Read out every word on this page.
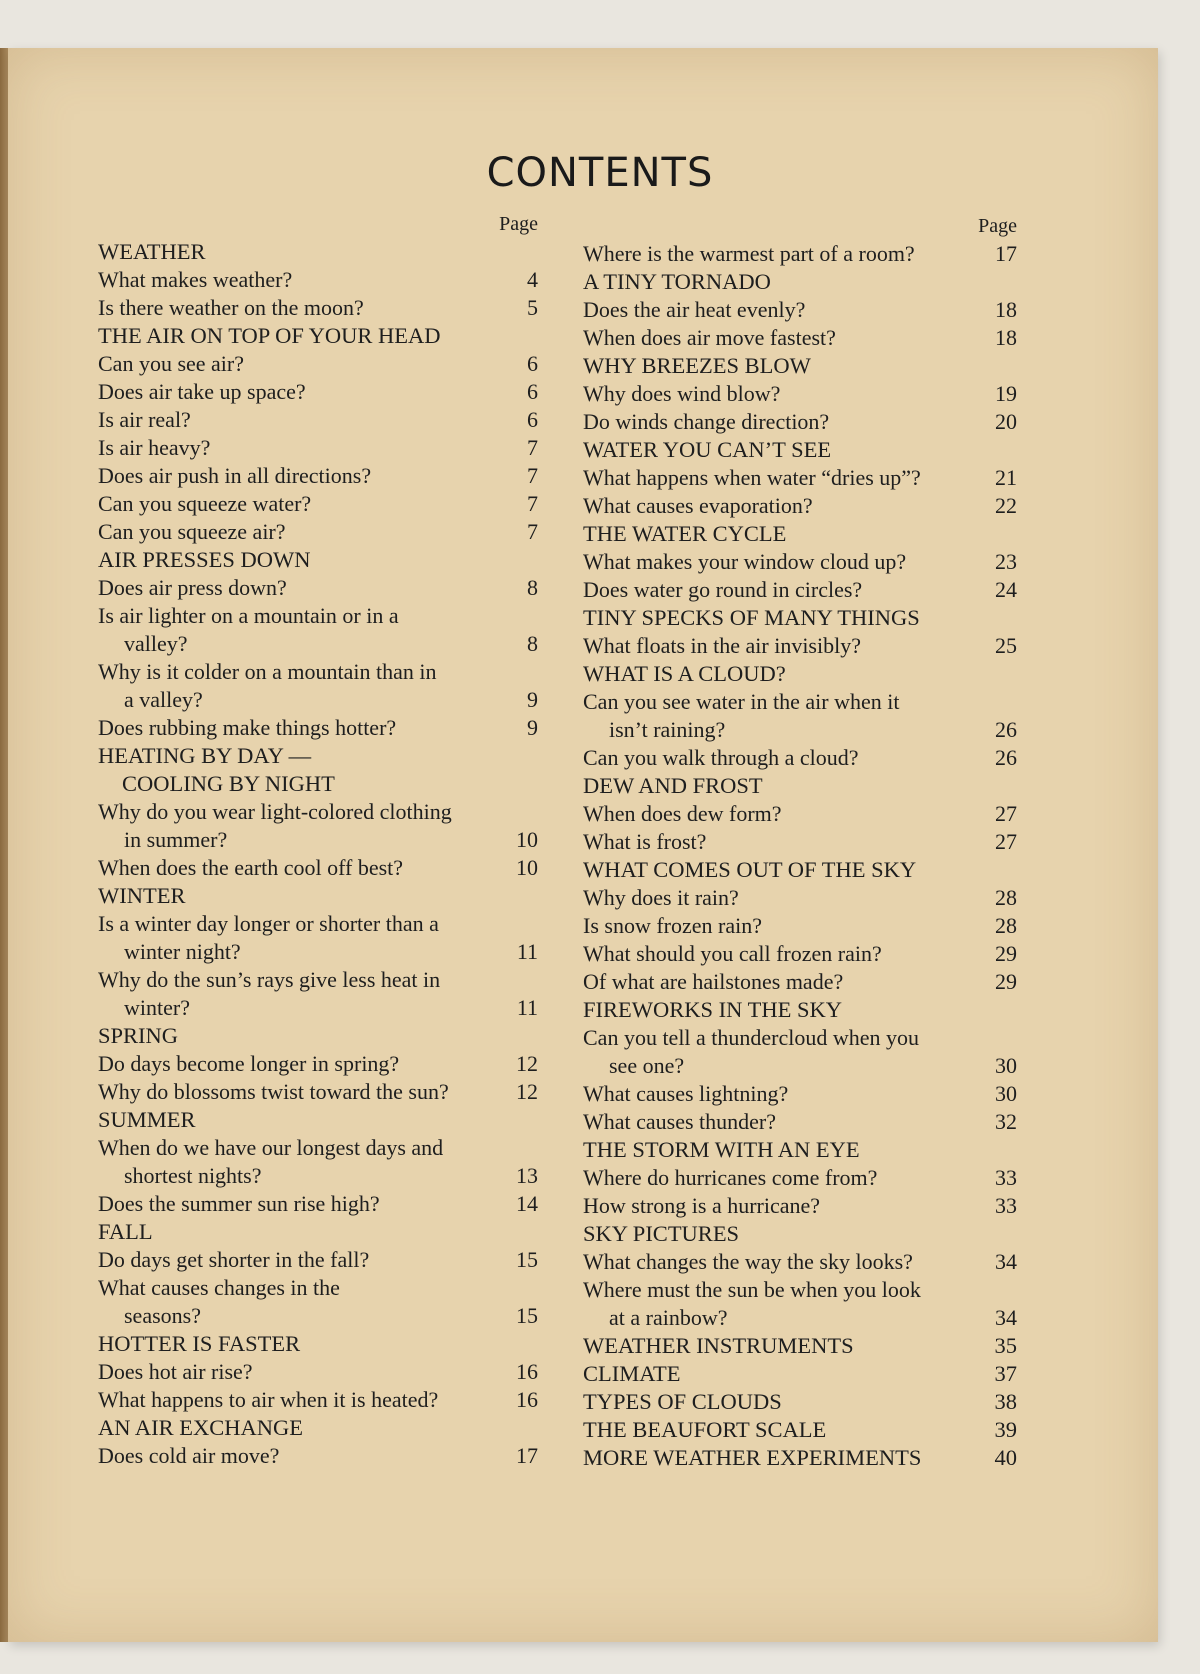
CONTENTS
Page
WEATHER
What makes weather?	4
Is there weather on the moon?	5
THE AIR ON TOP OF YOUR HEAD
Can you see air?	6
Does air take up space?	6
Is air real?	6
Is air heavy?	7
Does air push in all directions?	7
Can you squeeze water?	7
Can you squeeze air?	7
AIR PRESSES DOWN
Does air press down?	8
Is air lighter on a mountain or in a
valley?	8
Why is it colder on a mountain than in
a valley?	9
Does rubbing make things hotter?	9
HEATING BY DAY —
COOLING BY NIGHT
Why do you wear light-colored clothing
in summer?	10
When does the earth cool off best?	10
WINTER
Is a winter day longer or shorter than a
winter night?	11
Why do the sun’s rays give less heat in
winter?	11
SPRING
Do days become longer in spring?	12
Why do blossoms twist toward the sun?	12
SUMMER
When do we have our longest days and
shortest nights?	13
Does the summer sun rise high?	14
FALL
Do days get shorter in the fall?	15
What causes changes in the
seasons?	15
HOTTER IS FASTER
Does hot air rise?	16
What happens to air when it is heated?	16
AN AIR EXCHANGE
Does cold air move?	17
Page
Where is the warmest part of a room?	17
A TINY TORNADO
Does the air heat evenly?	18
When does air move fastest?	18
WHY BREEZES BLOW
Why does wind blow?	19
Do winds change direction?	20
WATER YOU CAN’T SEE
What happens when water “dries up”?	21
What causes evaporation?	22
THE WATER CYCLE
What makes your window cloud up?	23
Does water go round in circles?	24
TINY SPECKS OF MANY THINGS
What floats in the air invisibly?	25
WHAT IS A CLOUD?
Can you see water in the air when it
isn’t raining?	26
Can you walk through a cloud?	26
DEW AND FROST
When does dew form?	27
What is frost?	27
WHAT COMES OUT OF THE SKY
Why does it rain?	28
Is snow frozen rain?	28
What should you call frozen rain?	29
Of what are hailstones made?	29
FIREWORKS IN THE SKY
Can you tell a thundercloud when you
see one?	30
What causes lightning?	30
What causes thunder?	32
THE STORM WITH AN EYE
Where do hurricanes come from?	33
How strong is a hurricane?	33
SKY PICTURES
What changes the way the sky looks?	34
Where must the sun be when you look
at a rainbow?	34
WEATHER INSTRUMENTS	35
CLIMATE	37
TYPES OF CLOUDS	38
THE BEAUFORT SCALE	39
MORE WEATHER EXPERIMENTS	40
